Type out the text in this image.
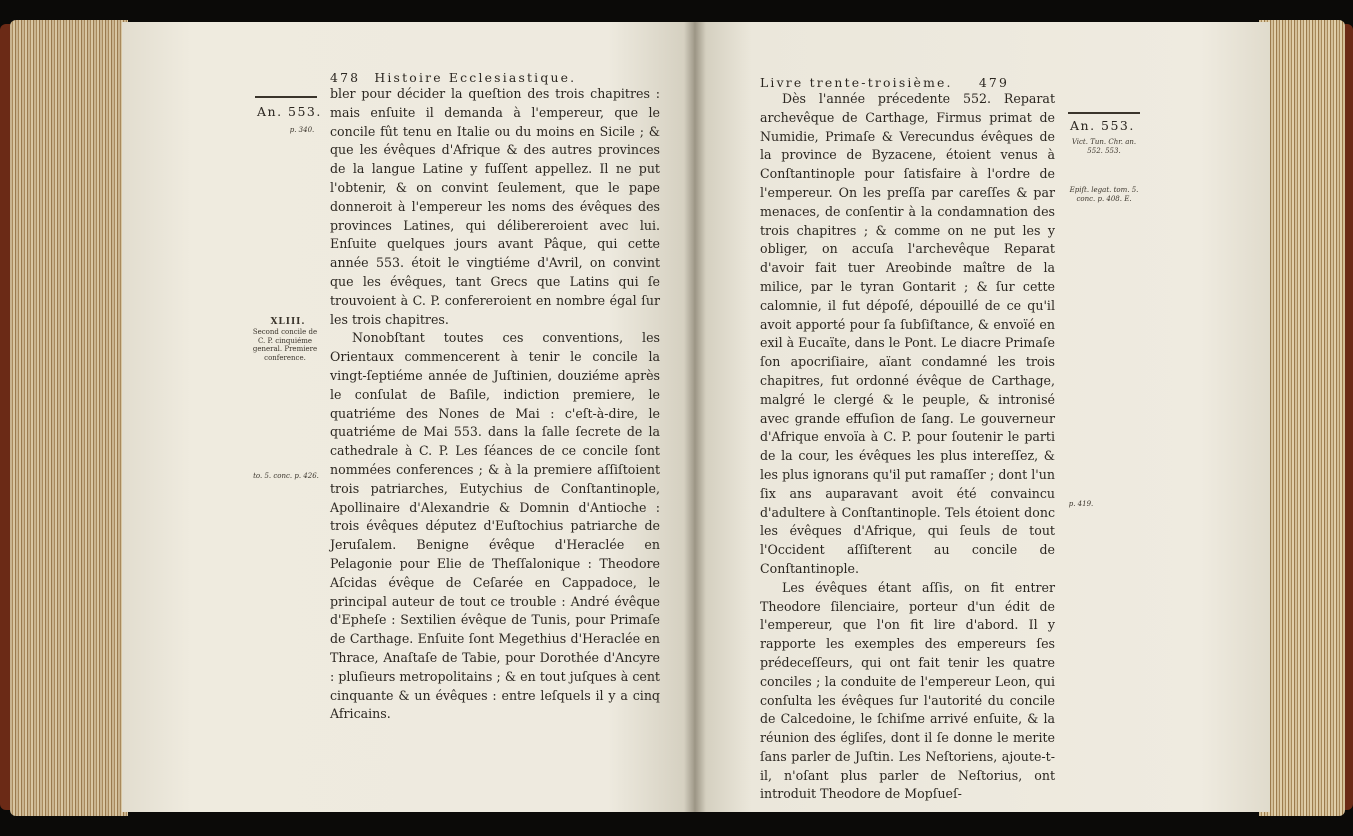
An. 553.
p. 340.
XLIII.
Second concile de C. P. cinquiéme general. Premiere conference.
to. 5. conc. p. 426.
478 Histoire Ecclesiastique.

bler pour décider la queſtion des trois chapitres : mais enſuite il demanda à l'empereur, que le concile fût tenu en Italie ou du moins en Sicile ; & que les évêques d'Afrique & des autres provinces de la langue Latine y fuſſent appellez. Il ne put l'obtenir, & on convint ſeulement, que le pape donneroit à l'empereur les noms des évêques des provinces Latines, qui délibereroient avec lui. Enſuite quelques jours avant Pâque, qui cette année 553. étoit le vingtiéme d'Avril, on convint que les évêques, tant Grecs que Latins qui ſe trouvoient à C. P. confereroient en nombre égal ſur les trois chapitres.

Nonobſtant toutes ces conventions, les Orientaux commencerent à tenir le concile la vingt-ſeptiéme année de Juſtinien, douziéme après le conſulat de Baſile, indiction premiere, le quatriéme des Nones de Mai : c'eſt-à-dire, le quatriéme de Mai 553. dans la ſalle ſecrete de la cathedrale à C. P. Les ſéances de ce concile ſont nommées conferences ; & à la premiere aſſiſtoient trois patriarches, Eutychius de Conſtantinople, Apollinaire d'Alexandrie & Domnin d'Antioche : trois évêques députez d'Euſtochius patriarche de Jeruſalem. Benigne évêque d'Heraclée en Pelagonie pour Elie de Theſſalonique : Theodore Aſcidas évêque de Ceſarée en Cappadoce, le principal auteur de tout ce trouble : André évêque d'Epheſe : Sextilien évêque de Tunis, pour Primaſe de Carthage. Enſuite ſont Megethius d'Heraclée en Thrace, Anaſtaſe de Tabie, pour Dorothée d'Ancyre : pluſieurs metropolitains ; & en tout juſques à cent cinquante & un évêques : entre leſquels il y a cinq Africains.

An. 553.
Vict. Tun. Chr. an. 552. 553.
Epiſt. legat. tom. 5. conc. p. 408. E.
p. 419.
Livre trente-troisième. 479

Dès l'année précedente 552. Reparat archevêque de Carthage, Firmus primat de Numidie, Primaſe & Verecundus évêques de la province de Byzacene, étoient venus à Conſtantinople pour ſatisfaire à l'ordre de l'empereur. On les preſſa par careſſes & par menaces, de conſentir à la condamnation des trois chapitres ; & comme on ne put les y obliger, on accuſa l'archevêque Reparat d'avoir fait tuer Areobinde maître de la milice, par le tyran Gontarit ; & ſur cette calomnie, il fut dépoſé, dépouillé de ce qu'il avoit apporté pour ſa ſubſiſtance, & envoïé en exil à Eucaïte, dans le Pont. Le diacre Primaſe ſon apocriſiaire, aïant condamné les trois chapitres, fut ordonné évêque de Carthage, malgré le clergé & le peuple, & intronisé avec grande effuſion de ſang. Le gouverneur d'Afrique envoïa à C. P. pour ſoutenir le parti de la cour, les évêques les plus intereſſez, & les plus ignorans qu'il put ramaſſer ; dont l'un ſix ans auparavant avoit été convaincu d'adultere à Conſtantinople. Tels étoient donc les évêques d'Afrique, qui ſeuls de tout l'Occident aſſiſterent au concile de Conſtantinople.

Les évêques étant aſſis, on fit entrer Theodore ſilenciaire, porteur d'un édit de l'empereur, que l'on fit lire d'abord. Il y rapporte les exemples des empereurs ſes prédeceſſeurs, qui ont fait tenir les quatre conciles ; la conduite de l'empereur Leon, qui conſulta les évêques ſur l'autorité du concile de Calcedoine, le ſchiſme arrivé enſuite, & la réunion des égliſes, dont il ſe donne le merite ſans parler de Juſtin. Les Neſtoriens, ajoute-t-il, n'oſant plus parler de Neſtorius, ont introduit Theodore de Mopſueſ-
